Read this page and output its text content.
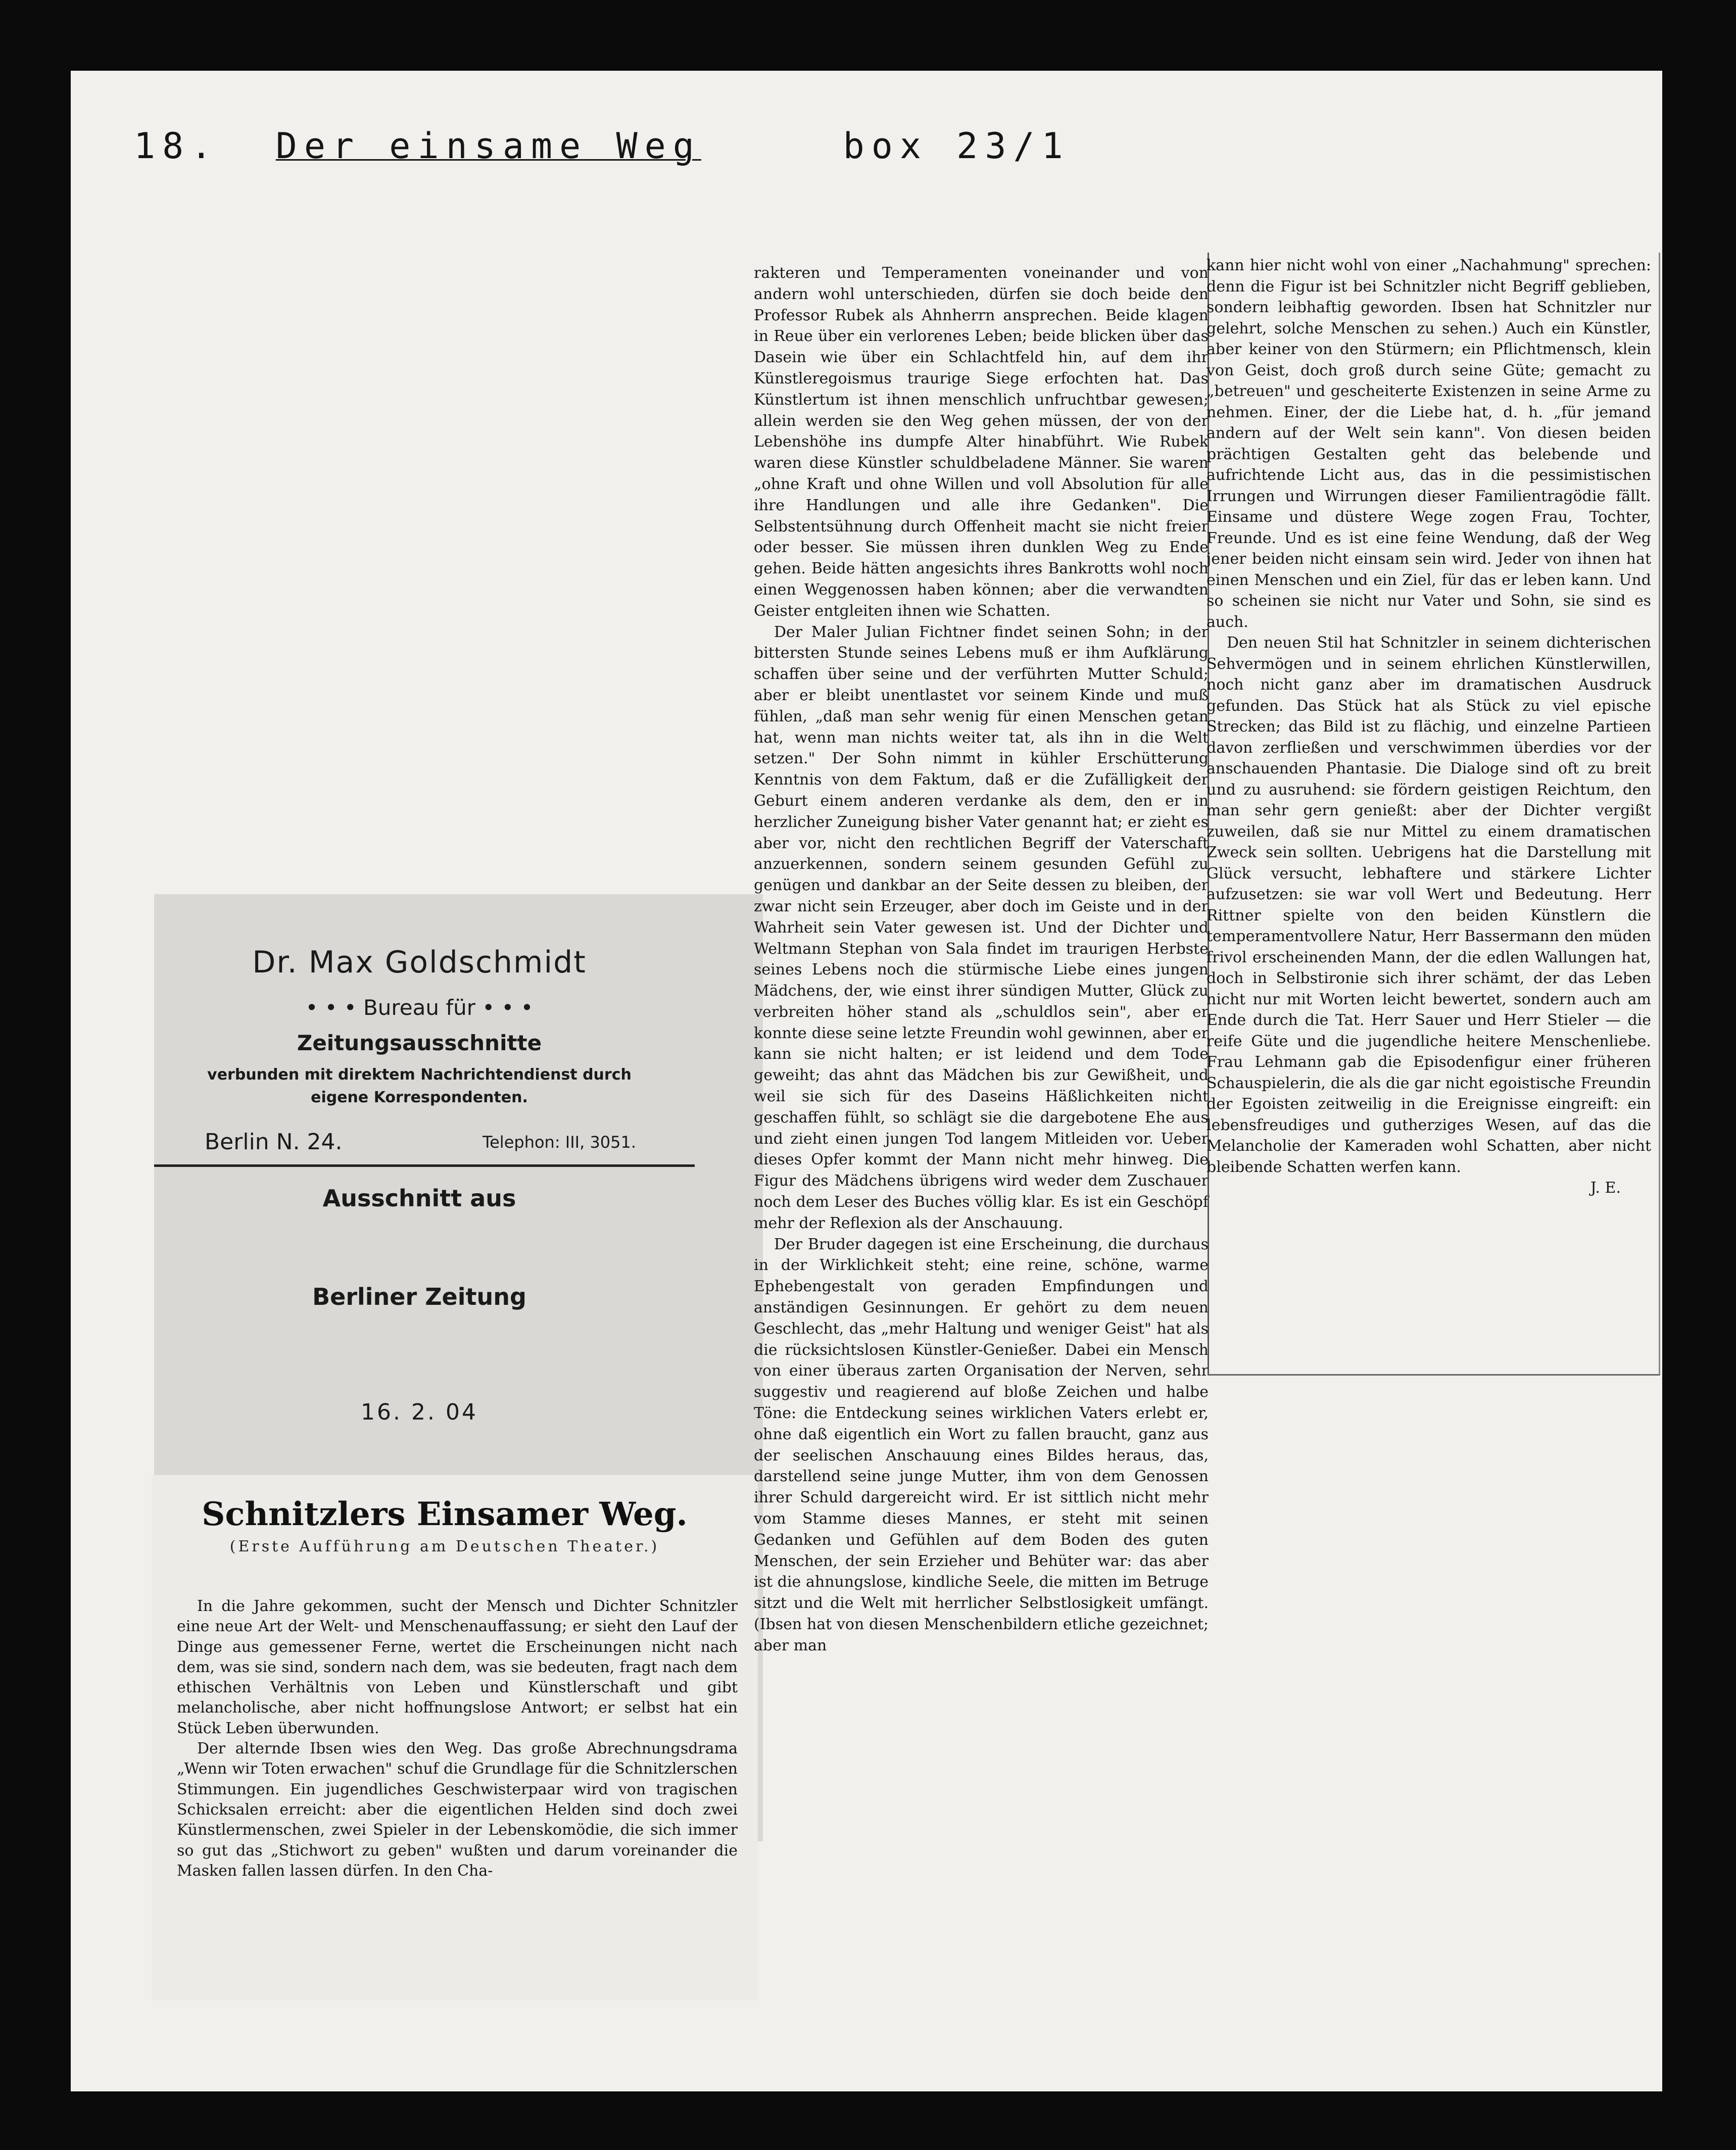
18. Der einsame Weg	box 23/1
Dr. Max Goldschmidt
• • • Bureau für • • •
Zeitungsausschnitte
verbunden mit direktem Nachrichtendienst durch
eigene Korrespondenten.
Berlin N. 24.	Telephon: III, 3051.
Ausschnitt aus
Berliner Zeitung
16. 2. 04
Schnitzlers Einsamer Weg.
(Erste Aufführung am Deutschen Theater.)

In die Jahre gekommen, sucht der Mensch und Dichter Schnitzler eine neue Art der Welt- und Menschenauffassung; er sieht den Lauf der Dinge aus gemessener Ferne, wertet die Erscheinungen nicht nach dem, was sie sind, sondern nach dem, was sie bedeuten, fragt nach dem ethischen Verhältnis von Leben und Künstlerschaft und gibt melancholische, aber nicht hoffnungslose Antwort; er selbst hat ein Stück Leben überwunden.

Der alternde Ibsen wies den Weg. Das große Abrechnungsdrama „Wenn wir Toten erwachen" schuf die Grundlage für die Schnitzlerschen Stimmungen. Ein jugendliches Geschwisterpaar wird von tragischen Schicksalen erreicht: aber die eigentlichen Helden sind doch zwei Künstlermenschen, zwei Spieler in der Lebenskomödie, die sich immer so gut das „Stichwort zu geben" wußten und darum voreinander die Masken fallen lassen dürfen. In den Cha-

rakteren und Temperamenten voneinander und von andern wohl unterschieden, dürfen sie doch beide den Professor Rubek als Ahnherrn ansprechen. Beide klagen in Reue über ein verlorenes Leben; beide blicken über das Dasein wie über ein Schlachtfeld hin, auf dem ihr Künstleregoismus traurige Siege erfochten hat. Das Künstlertum ist ihnen menschlich unfruchtbar gewesen; allein werden sie den Weg gehen müssen, der von der Lebenshöhe ins dumpfe Alter hinabführt. Wie Rubek waren diese Künstler schuldbeladene Männer. Sie waren „ohne Kraft und ohne Willen und voll Absolution für alle ihre Handlungen und alle ihre Gedanken". Die Selbstentsühnung durch Offenheit macht sie nicht freier oder besser. Sie müssen ihren dunklen Weg zu Ende gehen. Beide hätten angesichts ihres Bankrotts wohl noch einen Weggenossen haben können; aber die verwandten Geister entgleiten ihnen wie Schatten.

Der Maler Julian Fichtner findet seinen Sohn; in der bittersten Stunde seines Lebens muß er ihm Aufklärung schaffen über seine und der verführten Mutter Schuld; aber er bleibt unentlastet vor seinem Kinde und muß fühlen, „daß man sehr wenig für einen Menschen getan hat, wenn man nichts weiter tat, als ihn in die Welt setzen." Der Sohn nimmt in kühler Erschütterung Kenntnis von dem Faktum, daß er die Zufälligkeit der Geburt einem anderen verdanke als dem, den er in herzlicher Zuneigung bisher Vater genannt hat; er zieht es aber vor, nicht den rechtlichen Begriff der Vaterschaft anzuerkennen, sondern seinem gesunden Gefühl zu genügen und dankbar an der Seite dessen zu bleiben, der zwar nicht sein Erzeuger, aber doch im Geiste und in der Wahrheit sein Vater gewesen ist. Und der Dichter und Weltmann Stephan von Sala findet im traurigen Herbste seines Lebens noch die stürmische Liebe eines jungen Mädchens, der, wie einst ihrer sündigen Mutter, Glück zu verbreiten höher stand als „schuldlos sein", aber er konnte diese seine letzte Freundin wohl gewinnen, aber er kann sie nicht halten; er ist leidend und dem Tode geweiht; das ahnt das Mädchen bis zur Gewißheit, und weil sie sich für des Daseins Häßlichkeiten nicht geschaffen fühlt, so schlägt sie die dargebotene Ehe aus und zieht einen jungen Tod langem Mitleiden vor. Ueber dieses Opfer kommt der Mann nicht mehr hinweg. Die Figur des Mädchens übrigens wird weder dem Zuschauer noch dem Leser des Buches völlig klar. Es ist ein Geschöpf mehr der Reflexion als der Anschauung.

Der Bruder dagegen ist eine Erscheinung, die durchaus in der Wirklichkeit steht; eine reine, schöne, warme Ephebengestalt von geraden Empfindungen und anständigen Gesinnungen. Er gehört zu dem neuen Geschlecht, das „mehr Haltung und weniger Geist" hat als die rücksichtslosen Künstler-Genießer. Dabei ein Mensch von einer überaus zarten Organisation der Nerven, sehr suggestiv und reagierend auf bloße Zeichen und halbe Töne: die Entdeckung seines wirklichen Vaters erlebt er, ohne daß eigentlich ein Wort zu fallen braucht, ganz aus der seelischen Anschauung eines Bildes heraus, das, darstellend seine junge Mutter, ihm von dem Genossen ihrer Schuld dargereicht wird. Er ist sittlich nicht mehr vom Stamme dieses Mannes, er steht mit seinen Gedanken und Gefühlen auf dem Boden des guten Menschen, der sein Erzieher und Behüter war: das aber ist die ahnungslose, kindliche Seele, die mitten im Betruge sitzt und die Welt mit herrlicher Selbstlosigkeit umfängt. (Ibsen hat von diesen Menschenbildern etliche gezeichnet; aber man

kann hier nicht wohl von einer „Nachahmung" sprechen: denn die Figur ist bei Schnitzler nicht Begriff geblieben, sondern leibhaftig geworden. Ibsen hat Schnitzler nur gelehrt, solche Menschen zu sehen.) Auch ein Künstler, aber keiner von den Stürmern; ein Pflichtmensch, klein von Geist, doch groß durch seine Güte; gemacht zu „betreuen" und gescheiterte Existenzen in seine Arme zu nehmen. Einer, der die Liebe hat, d. h. „für jemand andern auf der Welt sein kann". Von diesen beiden prächtigen Gestalten geht das belebende und aufrichtende Licht aus, das in die pessimistischen Irrungen und Wirrungen dieser Familientragödie fällt. Einsame und düstere Wege zogen Frau, Tochter, Freunde. Und es ist eine feine Wendung, daß der Weg jener beiden nicht einsam sein wird. Jeder von ihnen hat einen Menschen und ein Ziel, für das er leben kann. Und so scheinen sie nicht nur Vater und Sohn, sie sind es auch.

Den neuen Stil hat Schnitzler in seinem dichterischen Sehvermögen und in seinem ehrlichen Künstlerwillen, noch nicht ganz aber im dramatischen Ausdruck gefunden. Das Stück hat als Stück zu viel epische Strecken; das Bild ist zu flächig, und einzelne Partieen davon zerfließen und verschwimmen überdies vor der anschauenden Phantasie. Die Dialoge sind oft zu breit und zu ausruhend: sie fördern geistigen Reichtum, den man sehr gern genießt: aber der Dichter vergißt zuweilen, daß sie nur Mittel zu einem dramatischen Zweck sein sollten. Uebrigens hat die Darstellung mit Glück versucht, lebhaftere und stärkere Lichter aufzusetzen: sie war voll Wert und Bedeutung. Herr Rittner spielte von den beiden Künstlern die temperamentvollere Natur, Herr Bassermann den müden frivol erscheinenden Mann, der die edlen Wallungen hat, doch in Selbstironie sich ihrer schämt, der das Leben nicht nur mit Worten leicht bewertet, sondern auch am Ende durch die Tat. Herr Sauer und Herr Stieler — die reife Güte und die jugendliche heitere Menschenliebe. Frau Lehmann gab die Episodenfigur einer früheren Schauspielerin, die als die gar nicht egoistische Freundin der Egoisten zeitweilig in die Ereignisse eingreift: ein lebensfreudiges und gutherziges Wesen, auf das die Melancholie der Kameraden wohl Schatten, aber nicht bleibende Schatten werfen kann.

J. E.
